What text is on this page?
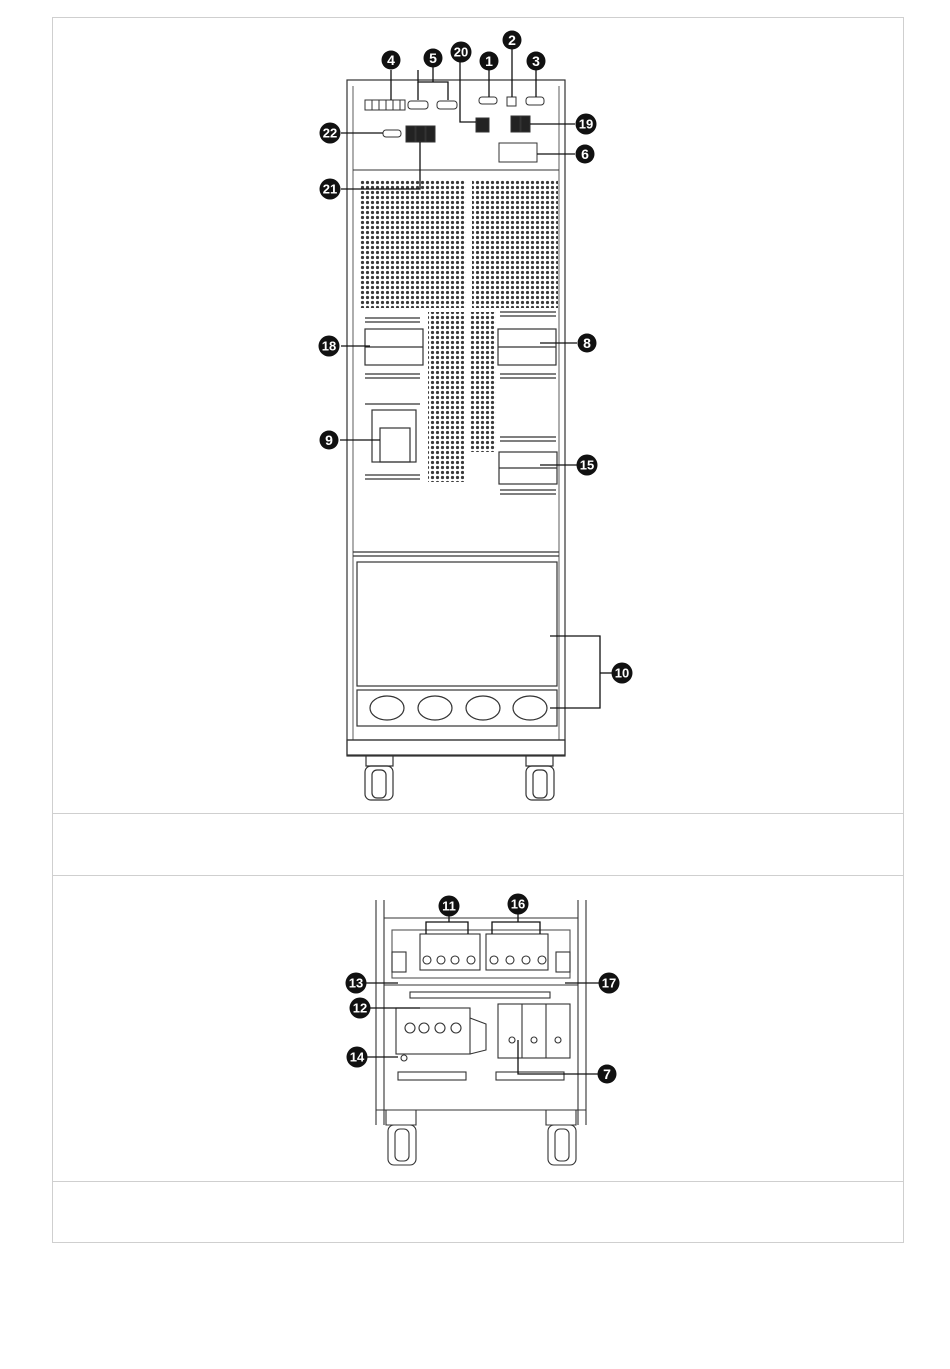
1
2
3
4 5
6
8
9
10
15
18
19
20
21
22
7
11
12
13
14
16
17
